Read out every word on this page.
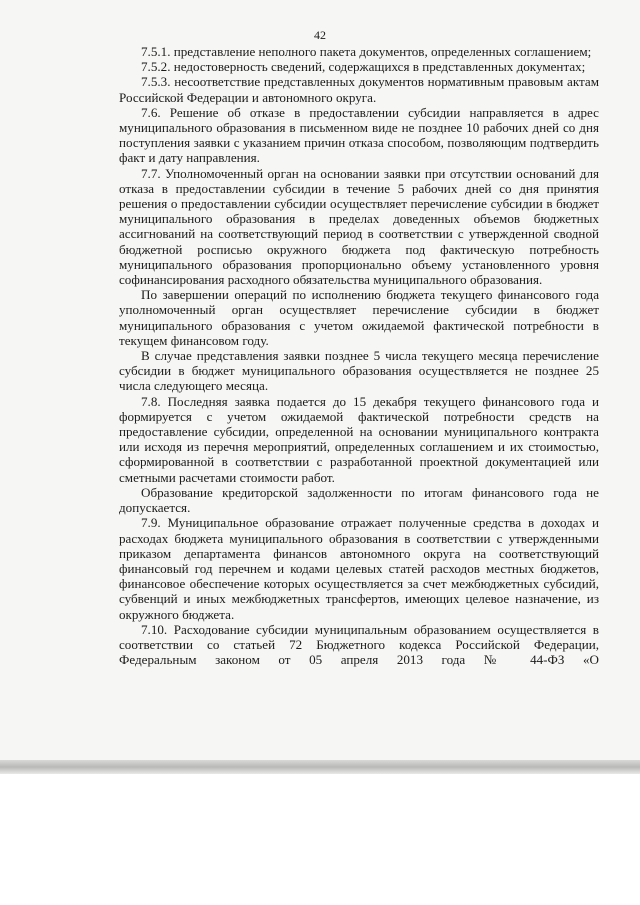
42

7.5.1. представление неполного пакета документов, определенных соглашением;

7.5.2. недостоверность сведений, содержащихся в представленных документах;

7.5.3. несоответствие представленных документов нормативным правовым актам Российской Федерации и автономного округа.

7.6. Решение об отказе в предоставлении субсидии направляется в адрес муниципального образования в письменном виде не позднее 10 рабочих дней со дня поступления заявки с указанием причин отказа способом, позволяющим подтвердить факт и дату направления.

7.7. Уполномоченный орган на основании заявки при отсутствии оснований для отказа в предоставлении субсидии в течение 5 рабочих дней со дня принятия решения о предоставлении субсидии осуществляет перечисление субсидии в бюджет муниципального образования в пределах доведенных объемов бюджетных ассигнований на соответствующий период в соответствии с утвержденной сводной бюджетной росписью окружного бюджета под фактическую потребность муниципального образования пропорционально объему установленного уровня софинансирования расходного обязательства муниципального образования.

По завершении операций по исполнению бюджета текущего финансового года уполномоченный орган осуществляет перечисление субсидии в бюджет муниципального образования с учетом ожидаемой фактической потребности в текущем финансовом году.

В случае представления заявки позднее 5 числа текущего месяца перечисление субсидии в бюджет муниципального образования осуществляется не позднее 25 числа следующего месяца.

7.8. Последняя заявка подается до 15 декабря текущего финансового года и формируется с учетом ожидаемой фактической потребности средств на предоставление субсидии, определенной на основании муниципального контракта или исходя из перечня мероприятий, определенных соглашением и их стоимостью, сформированной в соответствии с разработанной проектной документацией или сметными расчетами стоимости работ.

Образование кредиторской задолженности по итогам финансового года не допускается.

7.9. Муниципальное образование отражает полученные средства в доходах и расходах бюджета муниципального образования в соответствии с утвержденными приказом департамента финансов автономного округа на соответствующий финансовый год перечнем и кодами целевых статей расходов местных бюджетов, финансовое обеспечение которых осуществляется за счет межбюджетных субсидий, субвенций и иных межбюджетных трансфертов, имеющих целевое назначение, из окружного бюджета.

7.10. Расходование субсидии муниципальным образованием осуществляется в соответствии со статьей 72 Бюджетного кодекса Российской Федерации, Федеральным законом от 05 апреля 2013 года № 44-ФЗ «О
